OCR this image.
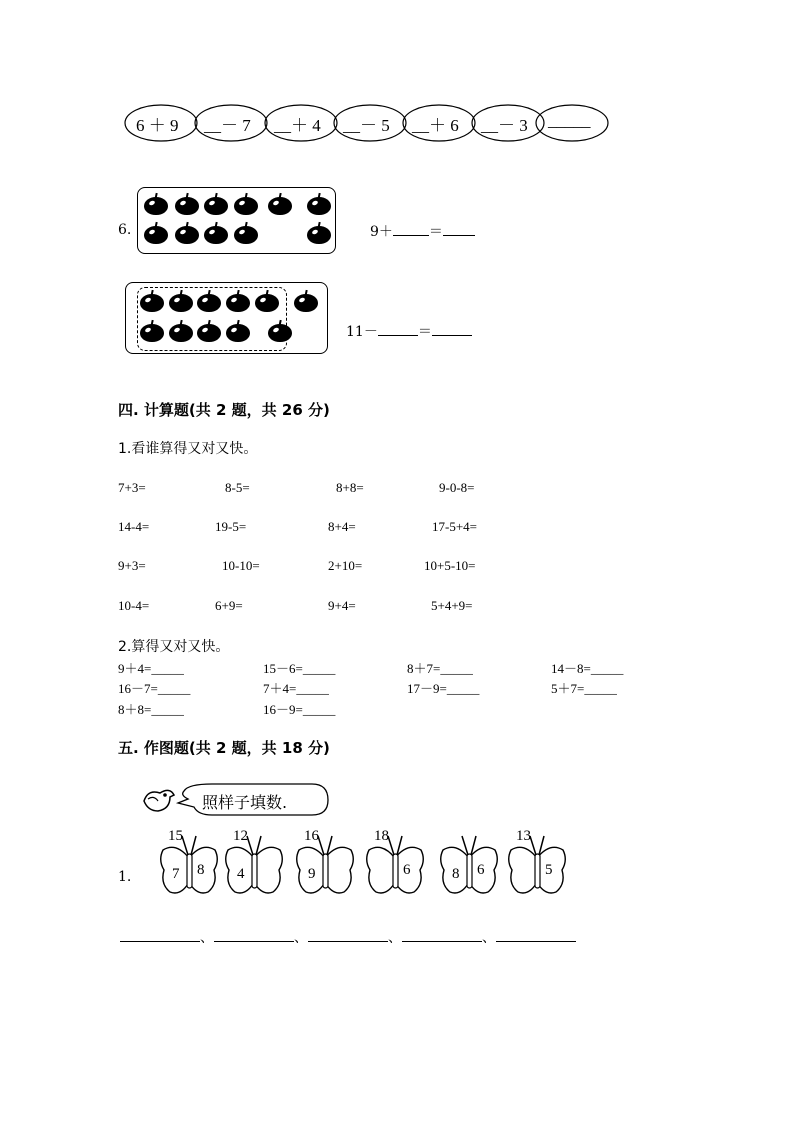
6 ＋ 9 __－ 7 __＋ 4 __－ 5 __＋ 6 __－ 3 _____
6.	9＋	＝
11－	＝
四. 计算题(共 2 题，共 26 分)
1.看谁算得又对又快。
7+3=	8-5=	8+8=	9-0-8=
14-4=	19-5=	8+4=	17-5+4=
9+3=	10-10=	2+10=	10+5-10=
10-4=	6+9=	9+4=	5+4+9=
2.算得又对又快。
9＋4=_____	15－6=_____	8＋7=_____	14－8=_____
16－7=_____	7＋4=_____	17－9=_____	5＋7=_____
8＋8=_____	16－9=_____
五. 作图题(共 2 题，共 18 分)
照样子填数.
15
7 8
12
4
16
9
18
6	8 6
13
5
1.
、	、	、	、
